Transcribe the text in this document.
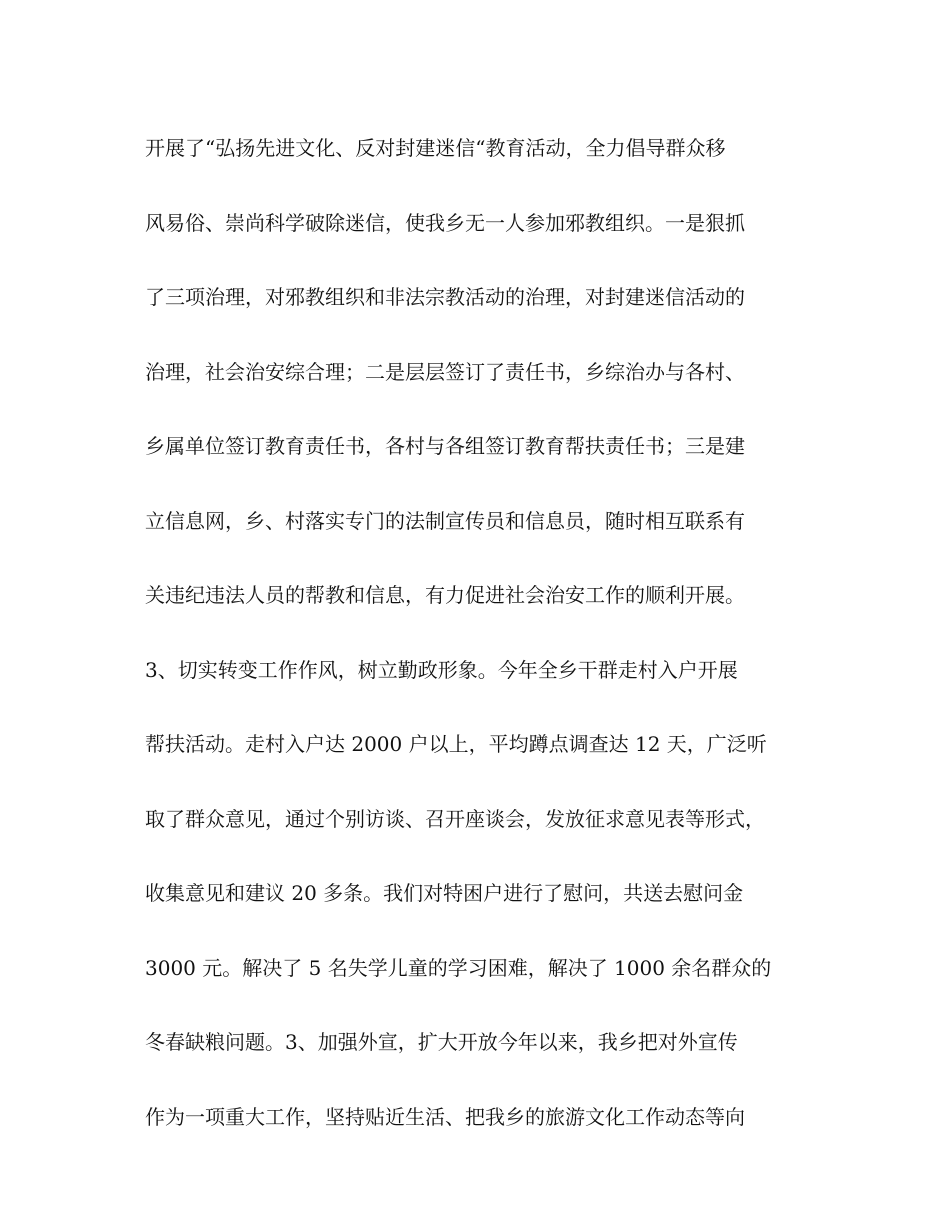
开展了“弘扬先进文化、反对封建迷信“教育活动，全力倡导群众移
风易俗、崇尚科学破除迷信，使我乡无一人参加邪教组织。一是狠抓
了三项治理，对邪教组织和非法宗教活动的治理，对封建迷信活动的
治理，社会治安综合理；二是层层签订了责任书，乡综治办与各村、
乡属单位签订教育责任书，各村与各组签订教育帮扶责任书；三是建
立信息网，乡、村落实专门的法制宣传员和信息员，随时相互联系有
关违纪违法人员的帮教和信息，有力促进社会治安工作的顺利开展。
3、切实转变工作作风，树立勤政形象。今年全乡干群走村入户开展
帮扶活动。走村入户达 2000 户以上，平均蹲点调查达 12 天，广泛听
取了群众意见，通过个别访谈、召开座谈会，发放征求意见表等形式，
收集意见和建议 20 多条。我们对特困户进行了慰问，共送去慰问金
3000 元。解决了 5 名失学儿童的学习困难，解决了 1000 余名群众的
冬春缺粮问题。3、加强外宣，扩大开放今年以来，我乡把对外宣传
作为一项重大工作，坚持贴近生活、把我乡的旅游文化工作动态等向
